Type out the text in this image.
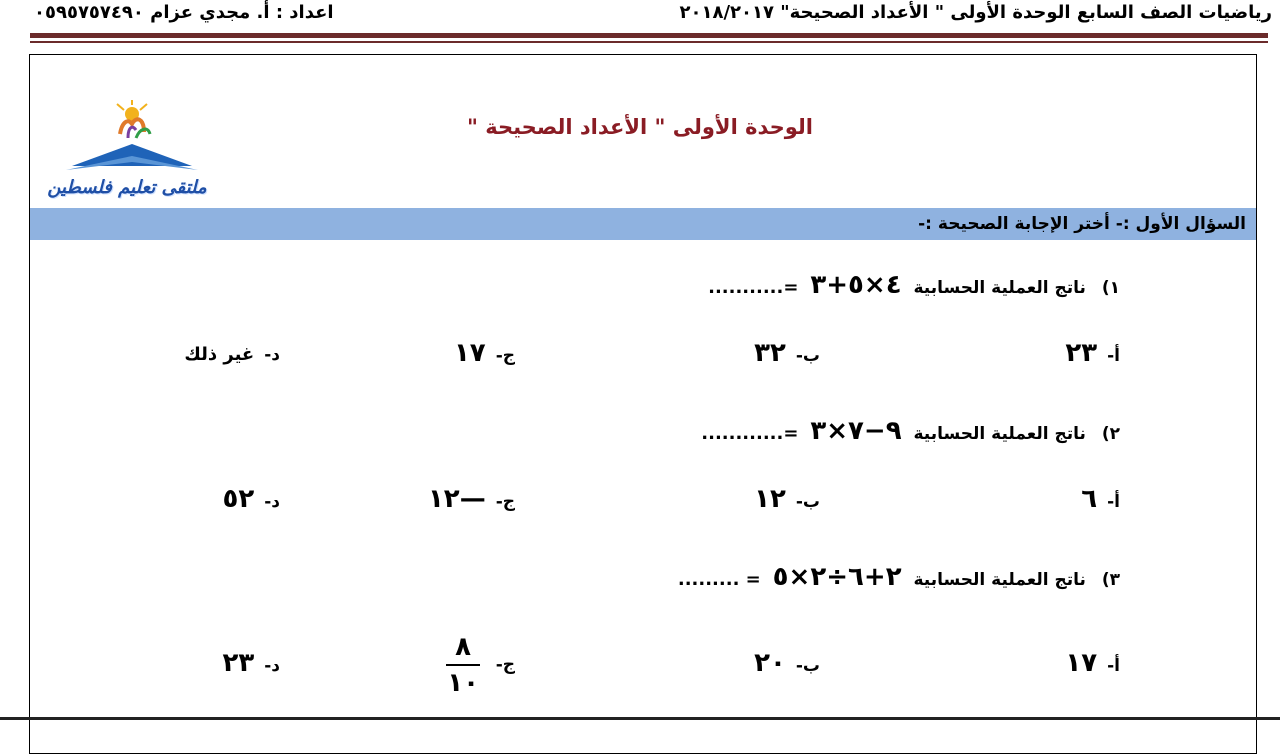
رياضيات الصف السابع الوحدة الأولى " الأعداد الصحيحة" ٢٠١٨/٢٠١٧
اعداد : أ. مجدي عزام ٠٥٩٥٧٥٧٤٩٠
ملتقى تعليم فلسطين
الوحدة الأولى " الأعداد الصحيحة "
السؤال الأول :- أختر الإجابة الصحيحة :-
١) ناتج العملية الحسابية ٤×٥+٣ =...........
أ-٢٣
ب-٣٢
ج-١٧
د-غير ذلك
٢) ناتج العملية الحسابية ٩−٧×٣ =............
أ-٦
ب-١٢
ج-—١٢
د-٥٢
٣) ناتج العملية الحسابية ٢+٦÷٢×٥ = .........
أ-١٧
ب-٢٠
ج-
$\frac{٨}{١٠}$
د-٢٣
